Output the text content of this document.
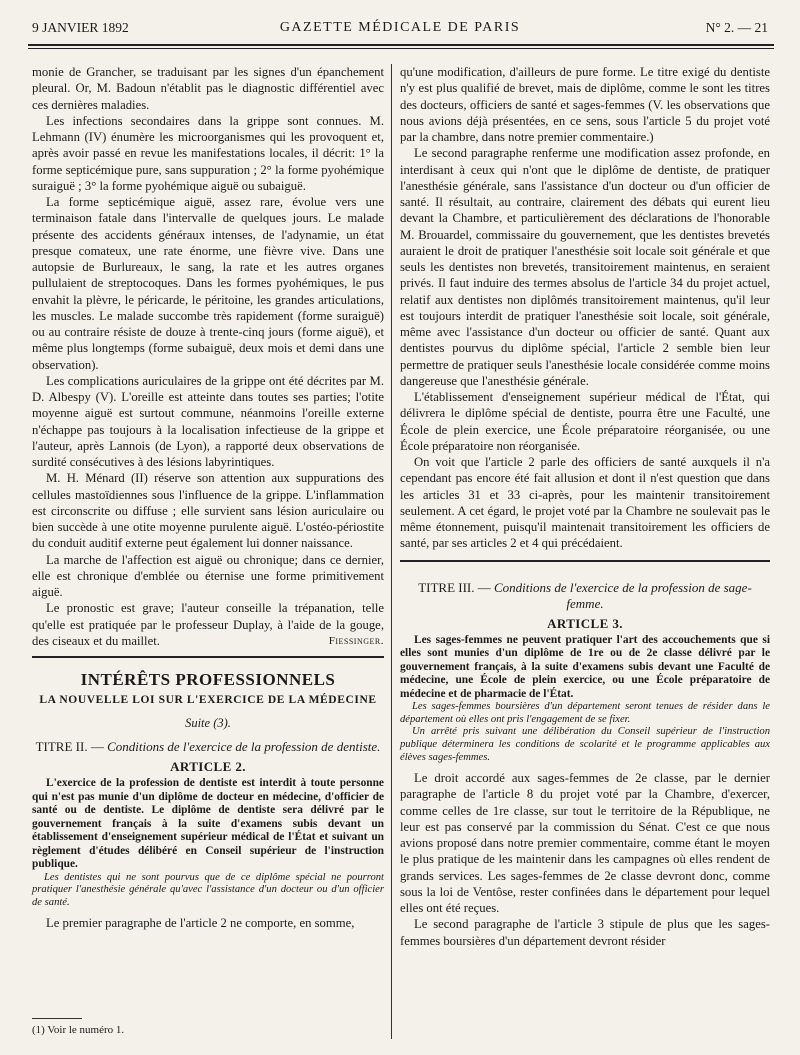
9 JANVIER 1892	GAZETTE MÉDICALE DE PARIS	N° 2. — 21

monie de Grancher, se traduisant par les signes d'un épanchement pleural. Or, M. Badoun n'établit pas le diagnostic différentiel avec ces dernières maladies.

Les infections secondaires dans la grippe sont connues. M. Lehmann (IV) énumère les microorganismes qui les provoquent et, après avoir passé en revue les manifestations locales, il décrit: 1° la forme septicémique pure, sans suppuration ; 2° la forme pyohémique suraiguë ; 3° la forme pyohémique aiguë ou subaiguë.

La forme septicémique aiguë, assez rare, évolue vers une terminaison fatale dans l'intervalle de quelques jours. Le malade présente des accidents généraux intenses, de l'adynamie, un état presque comateux, une rate énorme, une fièvre vive. Dans une autopsie de Burlureaux, le sang, la rate et les autres organes pullulaient de streptocoques. Dans les formes pyohémiques, le pus envahit la plèvre, le péricarde, le péritoine, les grandes articulations, les muscles. Le malade succombe très rapidement (forme suraiguë) ou au contraire résiste de douze à trente-cinq jours (forme aiguë), et même plus longtemps (forme subaiguë, deux mois et demi dans une observation).

Les complications auriculaires de la grippe ont été décrites par M. D. Albespy (V). L'oreille est atteinte dans toutes ses parties; l'otite moyenne aiguë est surtout commune, néanmoins l'oreille externe n'échappe pas toujours à la localisation infectieuse de la grippe et l'auteur, après Lannois (de Lyon), a rapporté deux observations de surdité consécutives à des lésions labyrintiques.

M. H. Ménard (II) réserve son attention aux suppurations des cellules mastoïdiennes sous l'influence de la grippe. L'inflammation est circonscrite ou diffuse ; elle survient sans lésion auriculaire ou bien succède à une otite moyenne purulente aiguë. L'ostéo-périostite du conduit auditif externe peut également lui donner naissance.

La marche de l'affection est aiguë ou chronique; dans ce dernier, elle est chronique d'emblée ou éternise une forme primitivement aiguë.

Le pronostic est grave; l'auteur conseille la trépanation, telle qu'elle est pratiquée par le professeur Duplay, à l'aide de la gouge, des ciseaux et du maillet.	Fiessinger.

INTÉRÊTS PROFESSIONNELS
LA NOUVELLE LOI SUR L'EXERCICE DE LA MÉDECINE
Suite (3).
TITRE II. — Conditions de l'exercice de la profession de dentiste.
ARTICLE 2.

L'exercice de la profession de dentiste est interdit à toute personne qui n'est pas munie d'un diplôme de docteur en médecine, d'officier de santé ou de dentiste. Le diplôme de dentiste sera délivré par le gouvernement français à la suite d'examens subis devant un établissement d'enseignement supérieur médical de l'État et suivant un règlement d'études délibéré en Conseil supérieur de l'instruction publique.

Les dentistes qui ne sont pourvus que de ce diplôme spécial ne pourront pratiquer l'anesthésie générale qu'avec l'assistance d'un docteur ou d'un officier de santé.

Le premier paragraphe de l'article 2 ne comporte, en somme,

(1) Voir le numéro 1.

qu'une modification, d'ailleurs de pure forme. Le titre exigé du dentiste n'y est plus qualifié de brevet, mais de diplôme, comme le sont les titres des docteurs, officiers de santé et sages-femmes (V. les observations que nous avions déjà présentées, en ce sens, sous l'article 5 du projet voté par la chambre, dans notre premier commentaire.)

Le second paragraphe renferme une modification assez profonde, en interdisant à ceux qui n'ont que le diplôme de dentiste, de pratiquer l'anesthésie générale, sans l'assistance d'un docteur ou d'un officier de santé. Il résultait, au contraire, clairement des débats qui eurent lieu devant la Chambre, et particulièrement des déclarations de l'honorable M. Brouardel, commissaire du gouvernement, que les dentistes brevetés auraient le droit de pratiquer l'anesthésie soit locale soit générale et que seuls les dentistes non brevetés, transitoirement maintenus, en seraient privés. Il faut induire des termes absolus de l'article 34 du projet actuel, relatif aux dentistes non diplômés transitoirement maintenus, qu'il leur est toujours interdit de pratiquer l'anesthésie soit locale, soit générale, même avec l'assistance d'un docteur ou officier de santé. Quant aux dentistes pourvus du diplôme spécial, l'article 2 semble bien leur permettre de pratiquer seuls l'anesthésie locale considérée comme moins dangereuse que l'anesthésie générale.

L'établissement d'enseignement supérieur médical de l'État, qui délivrera le diplôme spécial de dentiste, pourra être une Faculté, une École de plein exercice, une École préparatoire réorganisée, ou une École préparatoire non réorganisée.

On voit que l'article 2 parle des officiers de santé auxquels il n'a cependant pas encore été fait allusion et dont il n'est question que dans les articles 31 et 33 ci-après, pour les maintenir transitoirement seulement. A cet égard, le projet voté par la Chambre ne soulevait pas le même étonnement, puisqu'il maintenait transitoirement les officiers de santé, par ses articles 2 et 4 qui précédaient.

TITRE III. — Conditions de l'exercice de la profession de sage-femme.
ARTICLE 3.

Les sages-femmes ne peuvent pratiquer l'art des accouchements que si elles sont munies d'un diplôme de 1re ou de 2e classe délivré par le gouvernement français, à la suite d'examens subis devant une Faculté de médecine, une École de plein exercice, ou une École préparatoire de médecine et de pharmacie de l'État.

Les sages-femmes boursières d'un département seront tenues de résider dans le département où elles ont pris l'engagement de se fixer.

Un arrêté pris suivant une délibération du Conseil supérieur de l'instruction publique déterminera les conditions de scolarité et le programme applicables aux élèves sages-femmes.

Le droit accordé aux sages-femmes de 2e classe, par le dernier paragraphe de l'article 8 du projet voté par la Chambre, d'exercer, comme celles de 1re classe, sur tout le territoire de la République, ne leur est pas conservé par la commission du Sénat. C'est ce que nous avions proposé dans notre premier commentaire, comme étant le moyen le plus pratique de les maintenir dans les campagnes où elles rendent de grands services. Les sages-femmes de 2e classe devront donc, comme sous la loi de Ventôse, rester confinées dans le département pour lequel elles ont été reçues.

Le second paragraphe de l'article 3 stipule de plus que les sages-femmes boursières d'un département devront résider
